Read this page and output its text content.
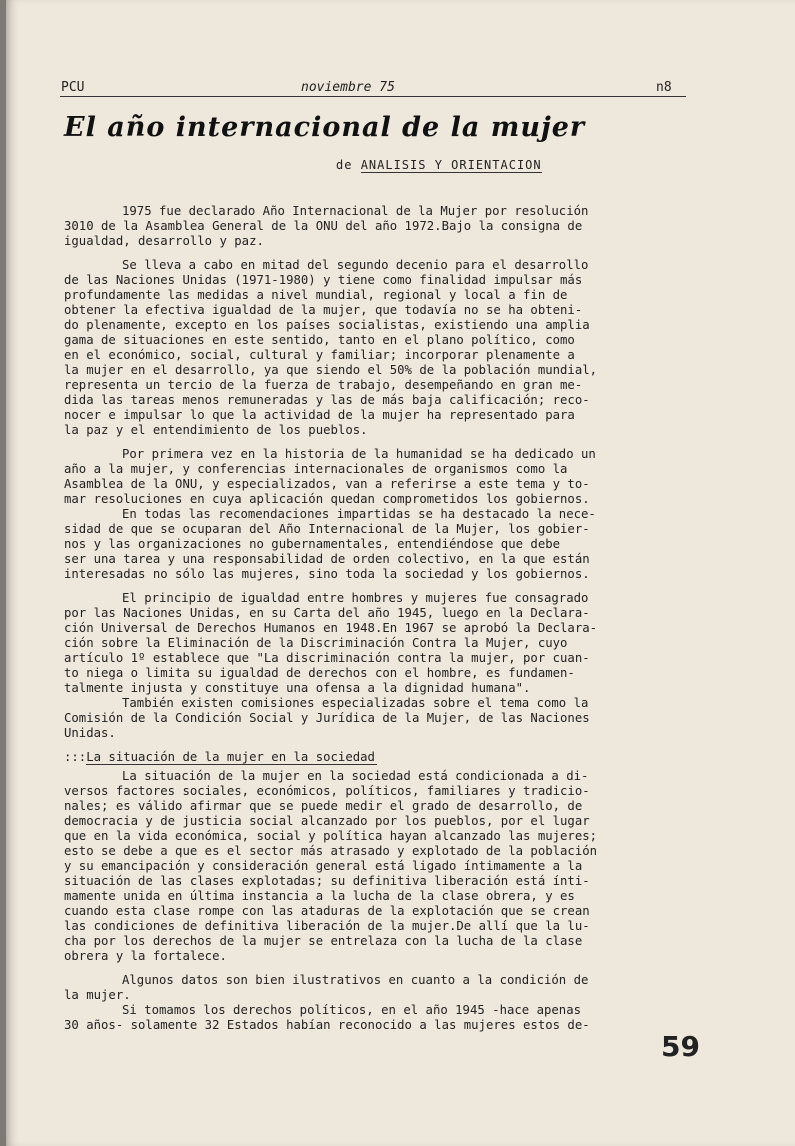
PCU	noviembre 75	n8
El año internacional de la mujer
de ANALISIS Y ORIENTACION
1975 fue declarado Año Internacional de la Mujer por resolución

3010 de la Asamblea General de la ONU del año 1972.Bajo la consigna de
igualdad, desarrollo y paz.
Se lleva a cabo en mitad del segundo decenio para el desarrollo

de las Naciones Unidas (1971-1980) y tiene como finalidad impulsar más
profundamente las medidas a nivel mundial, regional y local a fin de
obtener la efectiva igualdad de la mujer, que todavía no se ha obteni-
do plenamente, excepto en los países socialistas, existiendo una amplia
gama de situaciones en este sentido, tanto en el plano político, como
en el económico, social, cultural y familiar; incorporar plenamente a
la mujer en el desarrollo, ya que siendo el 50% de la población mundial,
representa un tercio de la fuerza de trabajo, desempeñando en gran me-
dida las tareas menos remuneradas y las de más baja calificación; reco-
nocer e impulsar lo que la actividad de la mujer ha representado para
la paz y el entendimiento de los pueblos.
Por primera vez en la historia de la humanidad se ha dedicado un

año a la mujer, y conferencias internacionales de organismos como la
Asamblea de la ONU, y especializados, van a referirse a este tema y to-
mar resoluciones en cuya aplicación quedan comprometidos los gobiernos.
En todas las recomendaciones impartidas se ha destacado la nece-

sidad de que se ocuparan del Año Internacional de la Mujer, los gobier-
nos y las organizaciones no gubernamentales, entendiéndose que debe
ser una tarea y una responsabilidad de orden colectivo, en la que están
interesadas no sólo las mujeres, sino toda la sociedad y los gobiernos.
El principio de igualdad entre hombres y mujeres fue consagrado

por las Naciones Unidas, en su Carta del año 1945, luego en la Declara-
ción Universal de Derechos Humanos en 1948.En 1967 se aprobó la Declara-
ción sobre la Eliminación de la Discriminación Contra la Mujer, cuyo
artículo 1º establece que "La discriminación contra la mujer, por cuan-
to niega o limita su igualdad de derechos con el hombre, es fundamen-
talmente injusta y constituye una ofensa a la dignidad humana".
También existen comisiones especializadas sobre el tema como la

Comisión de la Condición Social y Jurídica de la Mujer, de las Naciones
Unidas.
:::La situación de la mujer en la sociedad
La situación de la mujer en la sociedad está condicionada a di-

versos factores sociales, económicos, políticos, familiares y tradicio-
nales; es válido afirmar que se puede medir el grado de desarrollo, de
democracia y de justicia social alcanzado por los pueblos, por el lugar
que en la vida económica, social y política hayan alcanzado las mujeres;
esto se debe a que es el sector más atrasado y explotado de la población
y su emancipación y consideración general está ligado íntimamente a la
situación de las clases explotadas; su definitiva liberación está ínti-
mamente unida en última instancia a la lucha de la clase obrera, y es
cuando esta clase rompe con las ataduras de la explotación que se crean
las condiciones de definitiva liberación de la mujer.De allí que la lu-
cha por los derechos de la mujer se entrelaza con la lucha de la clase
obrera y la fortalece.
Algunos datos son bien ilustrativos en cuanto a la condición de

la mujer.
Si tomamos los derechos políticos, en el año 1945 -hace apenas

30 años- solamente 32 Estados habían reconocido a las mujeres estos de-
59
